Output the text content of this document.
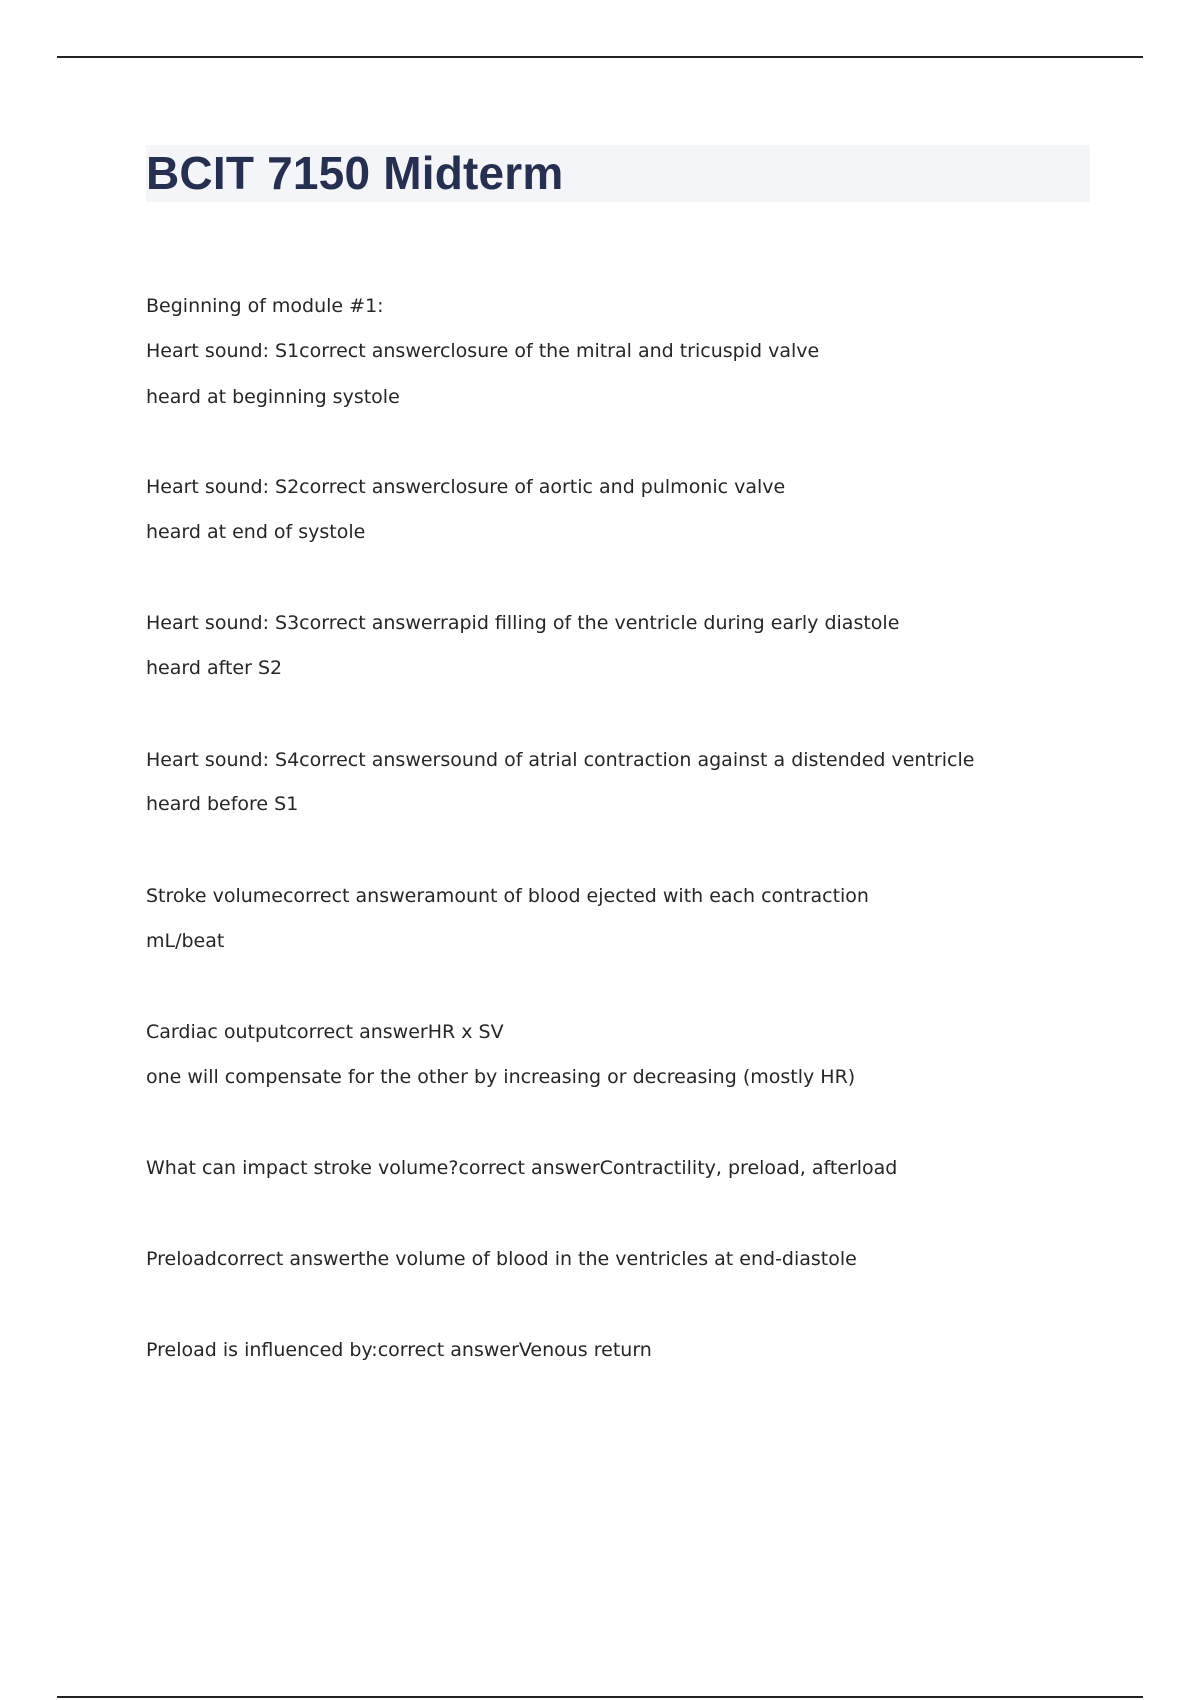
BCIT 7150 Midterm

Beginning of module #1:

Heart sound: S1correct answerclosure of the mitral and tricuspid valve

heard at beginning systole

Heart sound: S2correct answerclosure of aortic and pulmonic valve

heard at end of systole

Heart sound: S3correct answerrapid filling of the ventricle during early diastole

heard after S2

Heart sound: S4correct answersound of atrial contraction against a distended ventricle

heard before S1

Stroke volumecorrect answeramount of blood ejected with each contraction

mL/beat

Cardiac outputcorrect answerHR x SV

one will compensate for the other by increasing or decreasing (mostly HR)

What can impact stroke volume?correct answerContractility, preload, afterload

Preloadcorrect answerthe volume of blood in the ventricles at end-diastole

Preload is influenced by:correct answerVenous return
